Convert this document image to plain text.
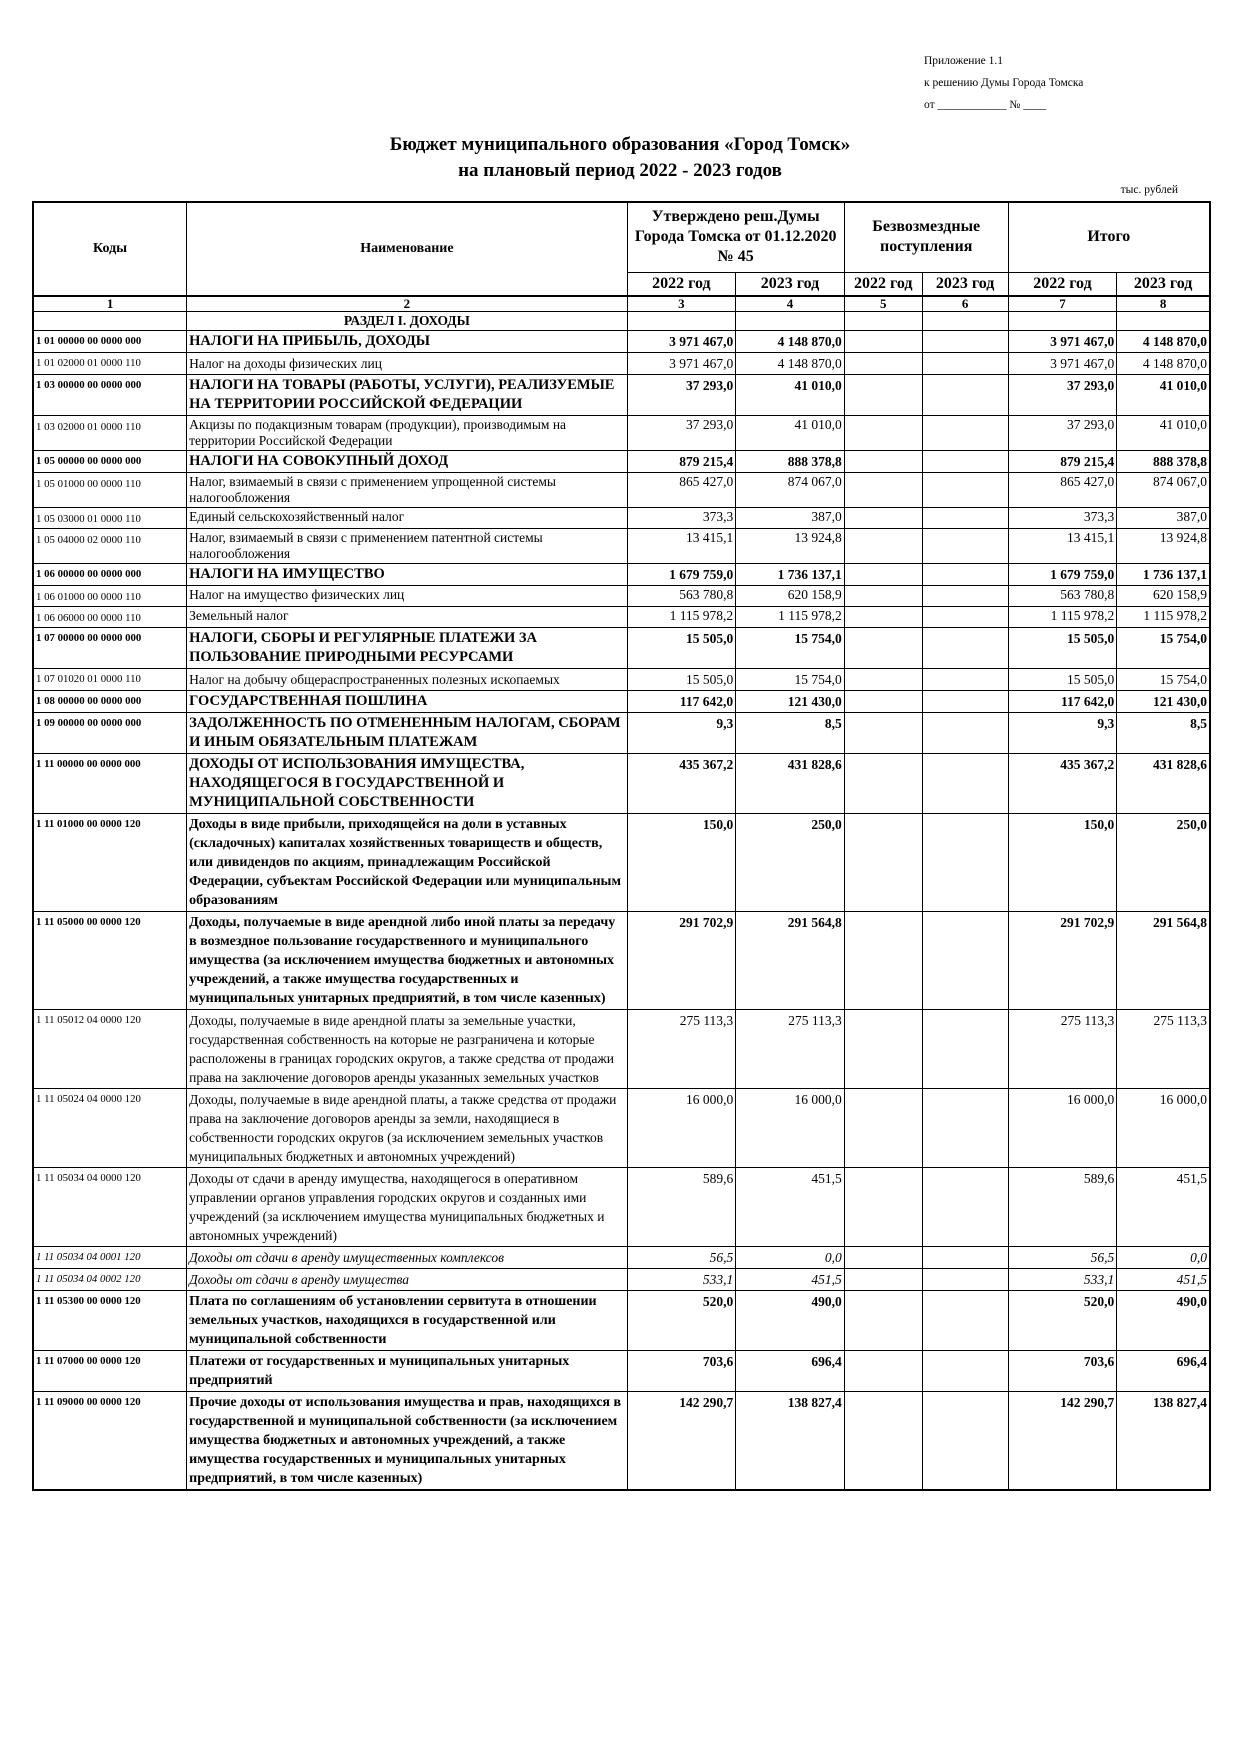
Приложение 1.1
к решению Думы Города Томска
от ____________ № ____
Бюджет муниципального образования «Город Томск»
на плановый период 2022 - 2023 годов
тыс. рублей
Коды	Наименование	Утверждено реш.Думы Города Томска от 01.12.2020 № 45		Безвозмездные поступления		Итого	
		2022 год	2023 год	2022 год	2023 год	2022 год	2023 год
1	2	3	4	5	6	7	8
	РАЗДЕЛ I. ДОХОДЫ						
1 01 00000 00 0000 000	НАЛОГИ НА ПРИБЫЛЬ, ДОХОДЫ	3 971 467,0	4 148 870,0			3 971 467,0	4 148 870,0
1 01 02000 01 0000 110	Налог на доходы физических лиц	3 971 467,0	4 148 870,0			3 971 467,0	4 148 870,0
1 03 00000 00 0000 000	НАЛОГИ НА ТОВАРЫ (РАБОТЫ, УСЛУГИ), РЕАЛИЗУЕМЫЕ НА ТЕРРИТОРИИ РОССИЙСКОЙ ФЕДЕРАЦИИ	37 293,0	41 010,0			37 293,0	41 010,0
1 03 02000 01 0000 110	Акцизы по подакцизным товарам (продукции), производимым на территории Российской Федерации	37 293,0	41 010,0			37 293,0	41 010,0
1 05 00000 00 0000 000	НАЛОГИ НА СОВОКУПНЫЙ ДОХОД	879 215,4	888 378,8			879 215,4	888 378,8
1 05 01000 00 0000 110	Налог, взимаемый в связи с применением упрощенной системы налогообложения	865 427,0	874 067,0			865 427,0	874 067,0
1 05 03000 01 0000 110	Единый сельскохозяйственный налог	373,3	387,0			373,3	387,0
1 05 04000 02 0000 110	Налог, взимаемый в связи с применением патентной системы налогообложения	13 415,1	13 924,8			13 415,1	13 924,8
1 06 00000 00 0000 000	НАЛОГИ НА ИМУЩЕСТВО	1 679 759,0	1 736 137,1			1 679 759,0	1 736 137,1
1 06 01000 00 0000 110	Налог на имущество физических лиц	563 780,8	620 158,9			563 780,8	620 158,9
1 06 06000 00 0000 110	Земельный налог	1 115 978,2	1 115 978,2			1 115 978,2	1 115 978,2
1 07 00000 00 0000 000	НАЛОГИ, СБОРЫ И РЕГУЛЯРНЫЕ ПЛАТЕЖИ ЗА ПОЛЬЗОВАНИЕ ПРИРОДНЫМИ РЕСУРСАМИ	15 505,0	15 754,0			15 505,0	15 754,0
1 07 01020 01 0000 110	Налог на добычу общераспространенных полезных ископаемых	15 505,0	15 754,0			15 505,0	15 754,0
1 08 00000 00 0000 000	ГОСУДАРСТВЕННАЯ ПОШЛИНА	117 642,0	121 430,0			117 642,0	121 430,0
1 09 00000 00 0000 000	ЗАДОЛЖЕННОСТЬ ПО ОТМЕНЕННЫМ НАЛОГАМ, СБОРАМ И ИНЫМ ОБЯЗАТЕЛЬНЫМ ПЛАТЕЖАМ	9,3	8,5			9,3	8,5
1 11 00000 00 0000 000	ДОХОДЫ ОТ ИСПОЛЬЗОВАНИЯ ИМУЩЕСТВА, НАХОДЯЩЕГОСЯ В ГОСУДАРСТВЕННОЙ И МУНИЦИПАЛЬНОЙ СОБСТВЕННОСТИ	435 367,2	431 828,6			435 367,2	431 828,6
1 11 01000 00 0000 120	Доходы в виде прибыли, приходящейся на доли в уставных (складочных) капиталах хозяйственных товариществ и обществ, или дивидендов по акциям, принадлежащим Российской Федерации, субъектам Российской Федерации или муниципальным образованиям	150,0	250,0			150,0	250,0
1 11 05000 00 0000 120	Доходы, получаемые в виде арендной либо иной платы за передачу в возмездное пользование государственного и муниципального имущества (за исключением имущества бюджетных и автономных учреждений, а также имущества государственных и муниципальных унитарных предприятий, в том числе казенных)	291 702,9	291 564,8			291 702,9	291 564,8
1 11 05012 04 0000 120	Доходы, получаемые в виде арендной платы за земельные участки, государственная собственность на которые не разграничена и которые расположены в границах городских округов, а также средства от продажи права на заключение договоров аренды указанных земельных участков	275 113,3	275 113,3			275 113,3	275 113,3
1 11 05024 04 0000 120	Доходы, получаемые в виде арендной платы, а также средства от продажи права на заключение договоров аренды за земли, находящиеся в собственности городских округов (за исключением земельных участков муниципальных бюджетных и автономных учреждений)	16 000,0	16 000,0			16 000,0	16 000,0
1 11 05034 04 0000 120	Доходы от сдачи в аренду имущества, находящегося в оперативном управлении органов управления городских округов и созданных ими учреждений (за исключением имущества муниципальных бюджетных и автономных учреждений)	589,6	451,5			589,6	451,5
1 11 05034 04 0001 120	Доходы от сдачи в аренду имущественных комплексов	56,5	0,0			56,5	0,0
1 11 05034 04 0002 120	Доходы от сдачи в аренду имущества	533,1	451,5			533,1	451,5
1 11 05300 00 0000 120	Плата по соглашениям об установлении сервитута в отношении земельных участков, находящихся в государственной или муниципальной собственности	520,0	490,0			520,0	490,0
1 11 07000 00 0000 120	Платежи от государственных и муниципальных унитарных предприятий	703,6	696,4			703,6	696,4
1 11 09000 00 0000 120	Прочие доходы от использования имущества и прав, находящихся в государственной и муниципальной собственности (за исключением имущества бюджетных и автономных учреждений, а также имущества государственных и муниципальных унитарных предприятий, в том числе казенных)	142 290,7	138 827,4			142 290,7	138 827,4
